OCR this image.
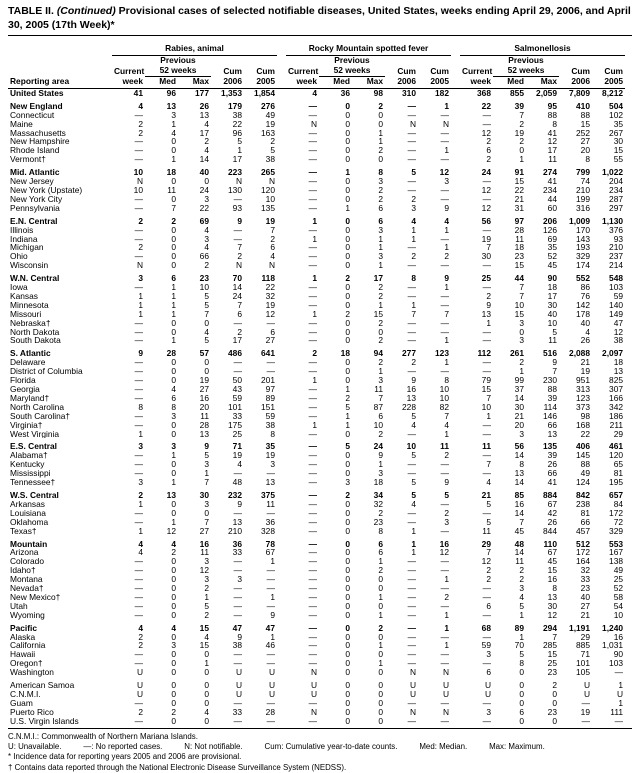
TABLE II. (Continued) Provisional cases of selected notifiable diseases, United States, weeks ending April 29, 2006, and April 30, 2005 (17th Week)*
	Rabies, animal						Rocky Mountain spotted fever						Salmonellosis				
		Previous						Previous						Previous			
	Current	52 weeks		Cum	Cum		Current	52 weeks		Cum	Cum		Current	52 weeks		Cum	Cum
Reporting area	week	Med	Max	2006	2005		week	Med	Max	2006	2005		week	Med	Max	2006	2005
United States	41	96	177	1,353	1,854		4	36	98	310	182		368	855	2,059	7,809	8,212

New England	4	13	26	179	276		—	0	2	—	1		22	39	95	410	504
Connecticut	—	3	13	38	49		—	0	0	—	—		—	7	88	88	102
Maine	2	1	4	22	19		N	0	0	N	N		—	2	8	15	35
Massachusetts	2	4	17	96	163		—	0	1	—	—		12	19	41	252	267
New Hampshire	—	0	2	5	2		—	0	1	—	—		2	2	12	27	30
Rhode Island	—	0	4	1	5		—	0	2	—	1		6	0	17	20	15
Vermont†	—	1	14	17	38		—	0	0	—	—		2	1	11	8	55

Mid. Atlantic	10	18	40	223	265		—	1	8	5	12		24	91	274	799	1,022
New Jersey	N	0	0	N	N		—	0	3	—	3		—	15	41	74	204
New York (Upstate)	10	11	24	130	120		—	0	2	—	—		12	22	234	210	234
New York City	—	0	3	—	10		—	0	2	2	—		—	21	44	199	287
Pennsylvania	—	7	22	93	135		—	1	6	3	9		12	31	60	316	297

E.N. Central	2	2	69	9	19		1	0	6	4	4		56	97	206	1,009	1,130
Illinois	—	0	4	—	7		—	0	3	1	1		—	28	126	170	376
Indiana	—	0	3	—	2		1	0	1	1	—		19	11	69	143	93
Michigan	2	0	4	7	6		—	0	1	—	1		7	18	35	193	210
Ohio	—	0	66	2	4		—	0	3	2	2		30	23	52	329	237
Wisconsin	N	0	2	N	N		—	0	1	—	—		—	15	45	174	214

W.N. Central	3	6	23	70	118		1	2	17	8	9		25	44	90	552	548
Iowa	—	1	10	14	22		—	0	2	—	1		—	7	18	86	103
Kansas	1	1	5	24	32		—	0	2	—	—		2	7	17	76	59
Minnesota	1	1	5	7	19		—	0	1	1	—		9	10	30	142	140
Missouri	1	1	7	6	12		1	2	15	7	7		13	15	40	178	149
Nebraska†	—	0	0	—	—		—	0	2	—	—		1	3	10	40	47
North Dakota	—	0	4	2	6		—	0	0	—	—		—	0	5	4	12
South Dakota	—	1	5	17	27		—	0	2	—	1		—	3	11	26	38

S. Atlantic	9	28	57	486	641		2	18	94	277	123		112	261	516	2,088	2,097
Delaware	—	0	0	—	—		—	0	2	2	1		—	2	9	21	18
District of Columbia	—	0	0	—	—		—	0	1	—	—		—	1	7	19	13
Florida	—	0	19	50	201		1	0	3	9	8		79	99	230	951	825
Georgia	—	4	27	43	97		—	1	11	16	10		15	37	88	313	307
Maryland†	—	6	16	59	89		—	2	7	13	10		7	14	39	123	166
North Carolina	8	8	20	101	151		—	5	87	228	82		10	30	114	373	342
South Carolina†	—	3	11	33	59		—	1	6	5	7		1	21	146	98	186
Virginia†	—	0	28	175	38		1	1	10	4	4		—	20	66	168	211
West Virginia	1	0	13	25	8		—	0	2	—	1		—	3	13	22	29

E.S. Central	3	3	9	71	35		—	5	24	10	11		11	56	135	406	461
Alabama†	—	1	5	19	19		—	0	9	5	2		—	14	39	145	120
Kentucky	—	0	3	4	3		—	0	1	—	—		7	8	26	88	65
Mississippi	—	0	1	—	—		—	0	3	—	—		—	13	66	49	81
Tennessee†	3	1	7	48	13		—	3	18	5	9		4	14	41	124	195

W.S. Central	2	13	30	232	375		—	2	34	5	5		21	85	884	842	657
Arkansas	1	0	3	9	11		—	0	32	4	—		5	16	67	238	84
Louisiana	—	0	0	—	—		—	0	2	—	2		—	14	42	81	172
Oklahoma	—	1	7	13	36		—	0	23	—	3		5	7	26	66	72
Texas†	1	12	27	210	328		—	0	8	1	—		11	45	844	457	329

Mountain	4	4	16	36	78		—	0	6	1	16		29	48	110	512	553
Arizona	4	2	11	33	67		—	0	6	1	12		7	14	67	172	167
Colorado	—	0	3	—	1		—	0	1	—	—		12	11	45	164	138
Idaho†	—	0	12	—	—		—	0	2	—	—		2	2	15	32	49
Montana	—	0	3	3	—		—	0	0	—	1		2	2	16	33	25
Nevada†	—	0	2	—	—		—	0	0	—	—		—	3	8	23	52
New Mexico†	—	0	1	—	1		—	0	1	—	2		—	4	13	40	58
Utah	—	0	5	—	—		—	0	0	—	—		6	5	30	27	54
Wyoming	—	0	2	—	9		—	0	1	—	1		—	1	12	21	10

Pacific	4	4	15	47	47		—	0	2	—	1		68	89	294	1,191	1,240
Alaska	2	0	4	9	1		—	0	0	—	—		—	1	7	29	16
California	2	3	15	38	46		—	0	1	—	1		59	70	285	885	1,031
Hawaii	—	0	0	—	—		—	0	0	—	—		3	5	15	71	90
Oregon†	—	0	1	—	—		—	0	1	—	—		—	8	25	101	103
Washington	U	0	0	U	U		N	0	0	N	N		6	0	23	105	—

American Samoa	U	0	0	U	U		U	0	0	U	U		U	0	2	U	1
C.N.M.I.	U	0	0	U	U		U	0	0	U	U		U	0	0	U	U
Guam	—	0	0	—	—		—	0	0	—	—		—	0	0	—	1
Puerto Rico	2	2	4	33	28		N	0	0	N	N		3	6	23	19	111
U.S. Virgin Islands	—	0	0	—	—		—	0	0	—	—		—	0	0	—	—
C.N.M.I.: Commonwealth of Northern Mariana Islands.
U: Unavailable.          —: No reported cases.          N: Not notifiable.          Cum: Cumulative year-to-date counts.          Med: Median.          Max: Maximum.
* Incidence data for reporting years 2005 and 2006 are provisional.
† Contains data reported through the National Electronic Disease Surveillance System (NEDSS).
